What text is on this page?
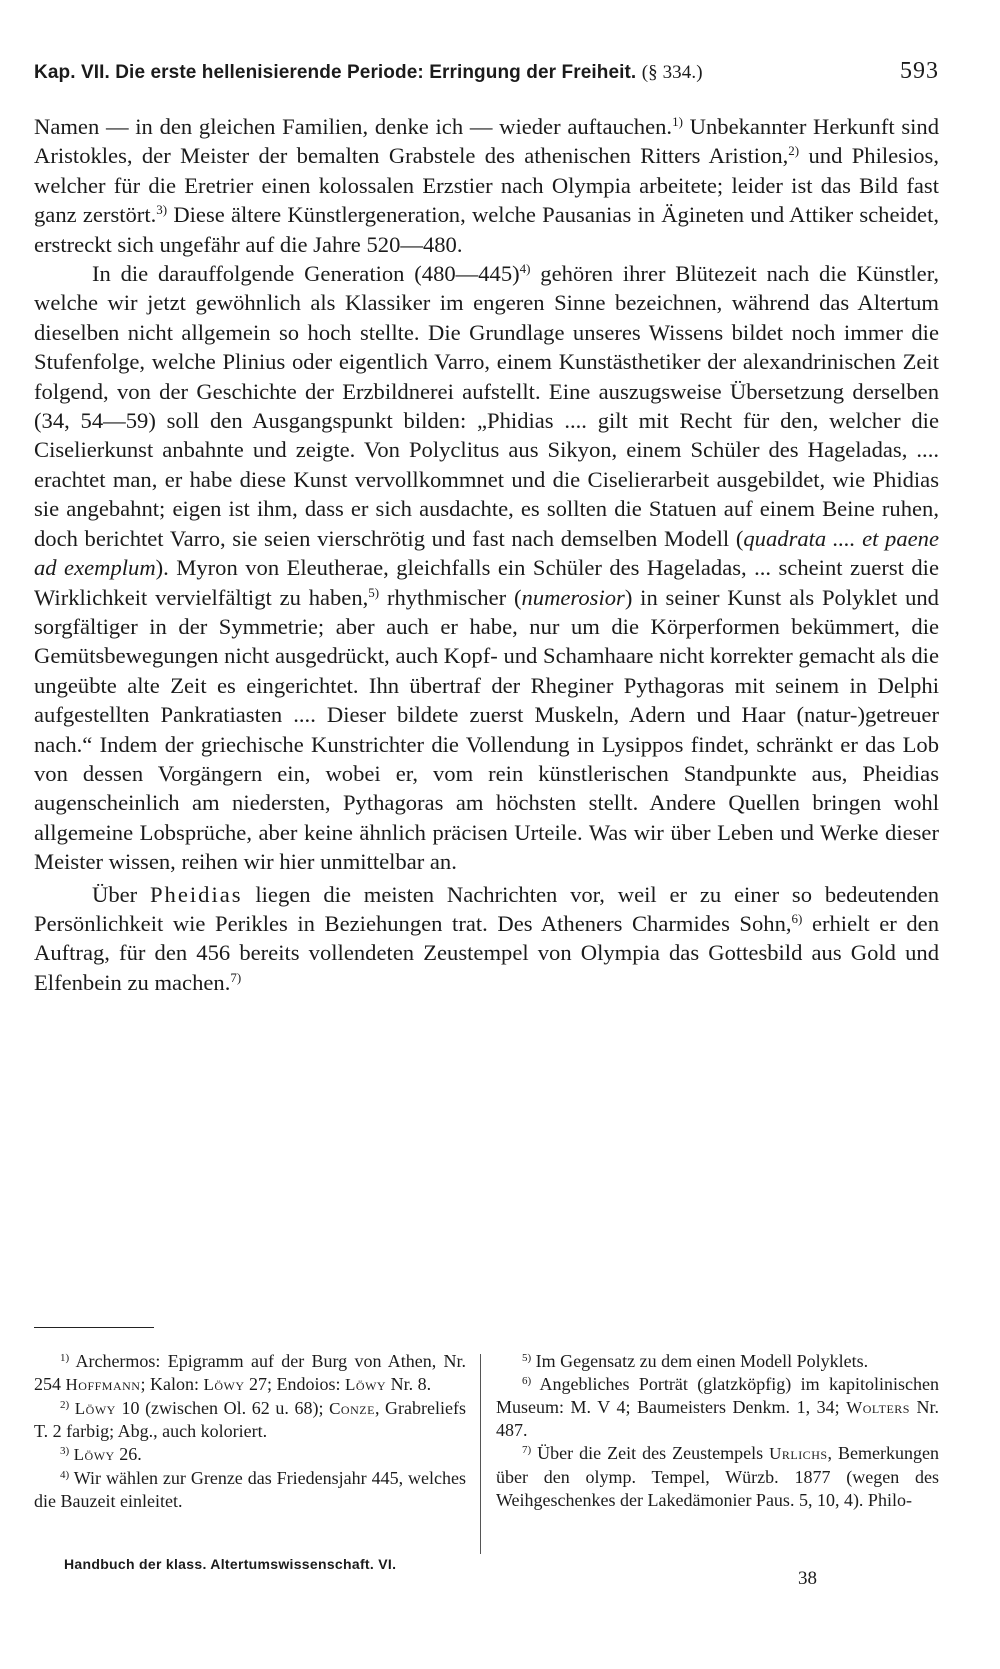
Kap. VII. Die erste hellenisierende Periode: Erringung der Freiheit. (§ 334.)	593

Namen — in den gleichen Familien, denke ich — wieder auftauchen.$^{1)}$ Unbekannter Herkunft sind Aristokles, der Meister der bemalten Grabstele des athenischen Ritters Aristion,$^{2)}$ und Philesios, welcher für die Eretrier einen kolossalen Erzstier nach Olympia arbeitete; leider ist das Bild fast ganz zerstört.$^{3)}$ Diese ältere Künstlergeneration, welche Pausanias in Ägineten und Attiker scheidet, erstreckt sich ungefähr auf die Jahre 520—480.

In die darauffolgende Generation (480—445)$^{4)}$ gehören ihrer Blütezeit nach die Künstler, welche wir jetzt gewöhnlich als Klassiker im engeren Sinne bezeichnen, während das Altertum dieselben nicht allgemein so hoch stellte. Die Grundlage unseres Wissens bildet noch immer die Stufenfolge, welche Plinius oder eigentlich Varro, einem Kunstästhetiker der alexandrinischen Zeit folgend, von der Geschichte der Erzbildnerei aufstellt. Eine auszugsweise Übersetzung derselben (34, 54—59) soll den Ausgangspunkt bilden: „Phidias .... gilt mit Recht für den, welcher die Ciselierkunst anbahnte und zeigte. Von Polyclitus aus Sikyon, einem Schüler des Hageladas, .... erachtet man, er habe diese Kunst vervollkommnet und die Ciselierarbeit ausgebildet, wie Phidias sie angebahnt; eigen ist ihm, dass er sich ausdachte, es sollten die Statuen auf einem Beine ruhen, doch berichtet Varro, sie seien vierschrötig und fast nach demselben Modell (quadrata .... et paene ad exemplum). Myron von Eleutherae, gleichfalls ein Schüler des Hageladas, ... scheint zuerst die Wirklichkeit vervielfältigt zu haben,$^{5)}$ rhythmischer (numerosior) in seiner Kunst als Polyklet und sorgfältiger in der Symmetrie; aber auch er habe, nur um die Körperformen bekümmert, die Gemütsbewegungen nicht ausgedrückt, auch Kopf- und Schamhaare nicht korrekter gemacht als die ungeübte alte Zeit es eingerichtet. Ihn übertraf der Rheginer Pythagoras mit seinem in Delphi aufgestellten Pankratiasten .... Dieser bildete zuerst Muskeln, Adern und Haar (natur-)getreuer nach.“ Indem der griechische Kunstrichter die Vollendung in Lysippos findet, schränkt er das Lob von dessen Vorgängern ein, wobei er, vom rein künstlerischen Standpunkte aus, Pheidias augenscheinlich am niedersten, Pythagoras am höchsten stellt. Andere Quellen bringen wohl allgemeine Lobsprüche, aber keine ähnlich präcisen Urteile. Was wir über Leben und Werke dieser Meister wissen, reihen wir hier unmittelbar an.

Über Pheidias liegen die meisten Nachrichten vor, weil er zu einer so bedeutenden Persönlichkeit wie Perikles in Beziehungen trat. Des Atheners Charmides Sohn,$^{6)}$ erhielt er den Auftrag, für den 456 bereits vollendeten Zeustempel von Olympia das Gottesbild aus Gold und Elfenbein zu machen.$^{7)}$

$^{1)}$ Archermos: Epigramm auf der Burg von Athen, Nr. 254 Hoffmann; Kalon: Löwy 27; Endoios: Löwy Nr. 8.

$^{2)}$ Löwy 10 (zwischen Ol. 62 u. 68); Conze, Grabreliefs T. 2 farbig; Abg., auch koloriert.

$^{3)}$ Löwy 26.

$^{4)}$ Wir wählen zur Grenze das Friedensjahr 445, welches die Bauzeit einleitet.

$^{5)}$ Im Gegensatz zu dem einen Modell Polyklets.

$^{6)}$ Angebliches Porträt (glatzköpfig) im kapitolinischen Museum: M. V 4; Baumeisters Denkm. 1, 34; Wolters Nr. 487.

$^{7)}$ Über die Zeit des Zeustempels Urlichs, Bemerkungen über den olymp. Tempel, Würzb. 1877 (wegen des Weihgeschenkes der Lakedämonier Paus. 5, 10, 4). Philo-

Handbuch der klass. Altertumswissenschaft. VI.
38
